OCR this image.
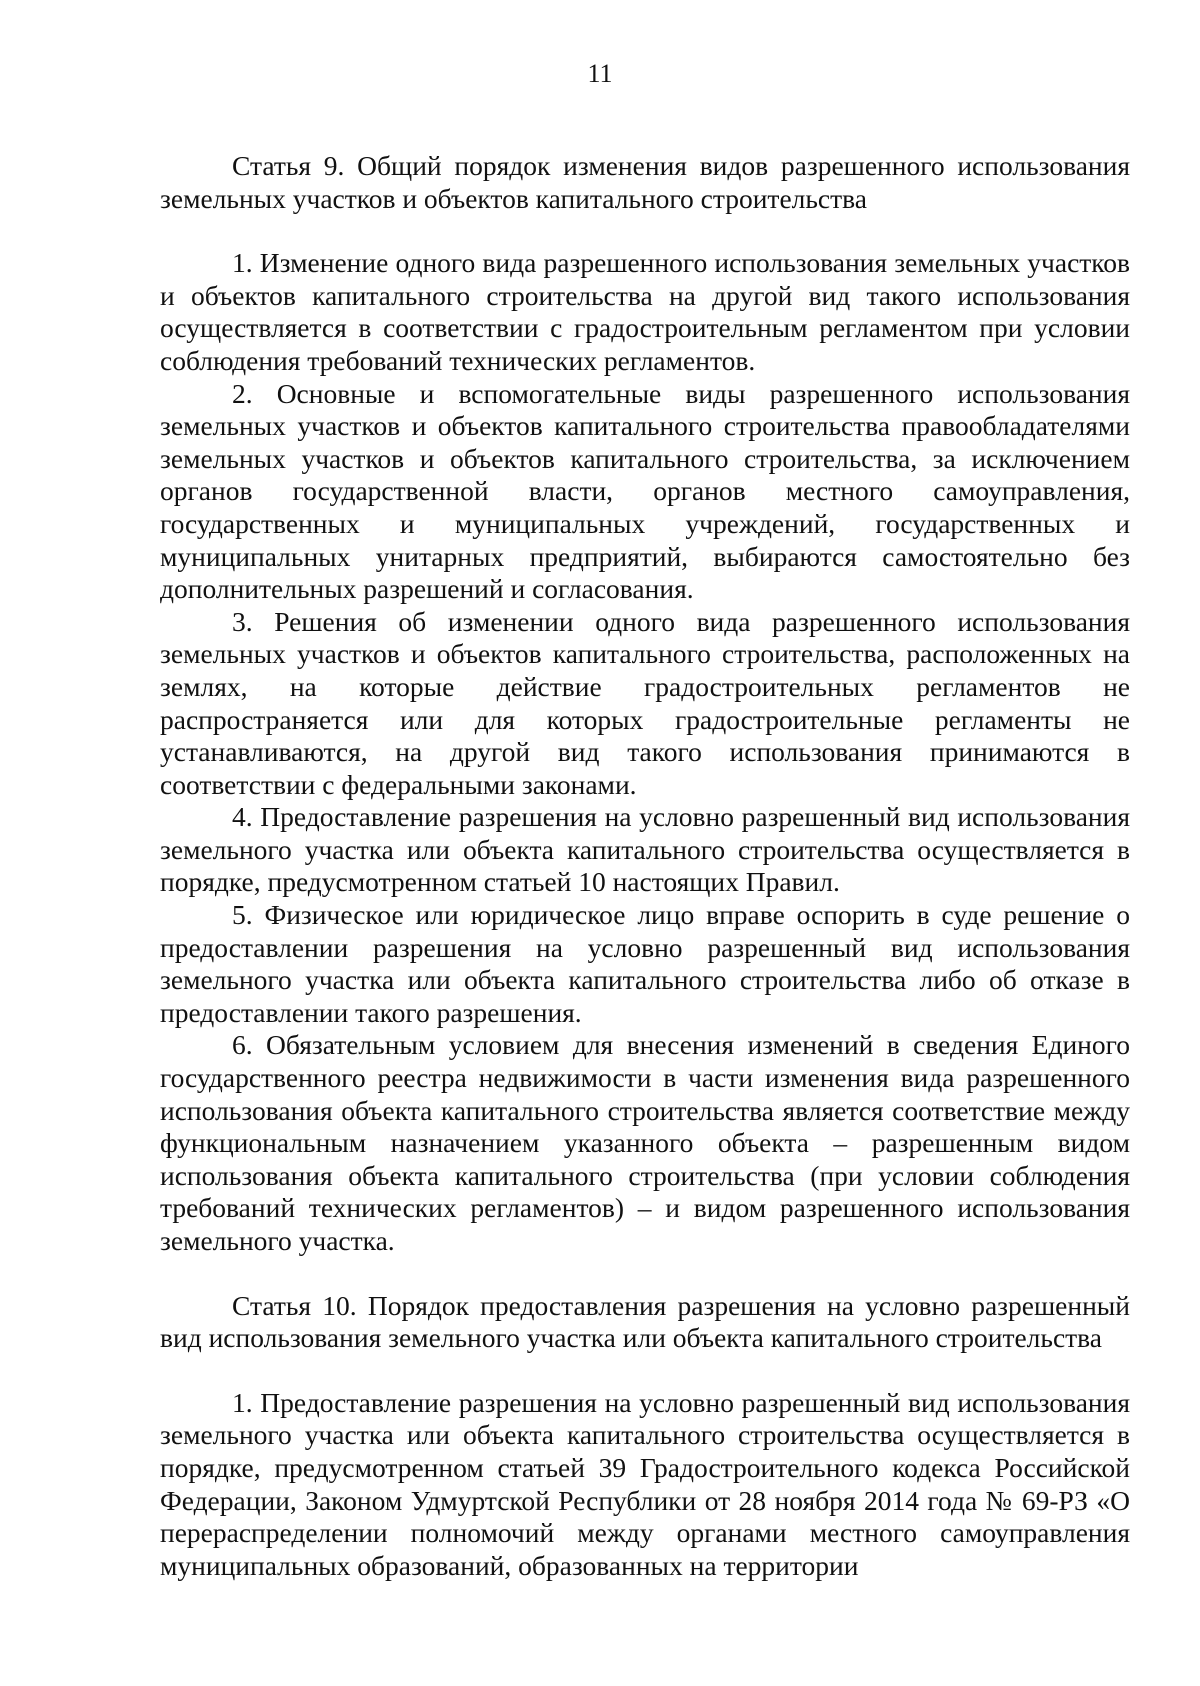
11

Статья 9. Общий порядок изменения видов разрешенного использования земельных участков и объектов капитального строительства

1. Изменение одного вида разрешенного использования земельных участков и объектов капитального строительства на другой вид такого использования осуществляется в соответствии с градостроительным регламентом при условии соблюдения требований технических регламентов.

2. Основные и вспомогательные виды разрешенного использования земельных участков и объектов капитального строительства правообладателями земельных участков и объектов капитального строительства, за исключением органов государственной власти, органов местного самоуправления, государственных и муниципальных учреждений, государственных и муниципальных унитарных предприятий, выбираются самостоятельно без дополнительных разрешений и согласования.

3. Решения об изменении одного вида разрешенного использования земельных участков и объектов капитального строительства, расположенных на землях, на которые действие градостроительных регламентов не распространяется или для которых градостроительные регламенты не устанавливаются, на другой вид такого использования принимаются в соответствии с федеральными законами.

4. Предоставление разрешения на условно разрешенный вид использования земельного участка или объекта капитального строительства осуществляется в порядке, предусмотренном статьей 10 настоящих Правил.

5. Физическое или юридическое лицо вправе оспорить в суде решение о предоставлении разрешения на условно разрешенный вид использования земельного участка или объекта капитального строительства либо об отказе в предоставлении такого разрешения.

6. Обязательным условием для внесения изменений в сведения Единого государственного реестра недвижимости в части изменения вида разрешенного использования объекта капитального строительства является соответствие между функциональным назначением указанного объекта – разрешенным видом использования объекта капитального строительства (при условии соблюдения требований технических регламентов) – и видом разрешенного использования земельного участка.

Статья 10. Порядок предоставления разрешения на условно разрешенный вид использования земельного участка или объекта капитального строительства

1. Предоставление разрешения на условно разрешенный вид использования земельного участка или объекта капитального строительства осуществляется в порядке, предусмотренном статьей 39 Градостроительного кодекса Российской Федерации, Законом Удмуртской Республики от 28 ноября 2014 года № 69-РЗ «О перераспределении полномочий между органами местного самоуправления муниципальных образований, образованных на территории
